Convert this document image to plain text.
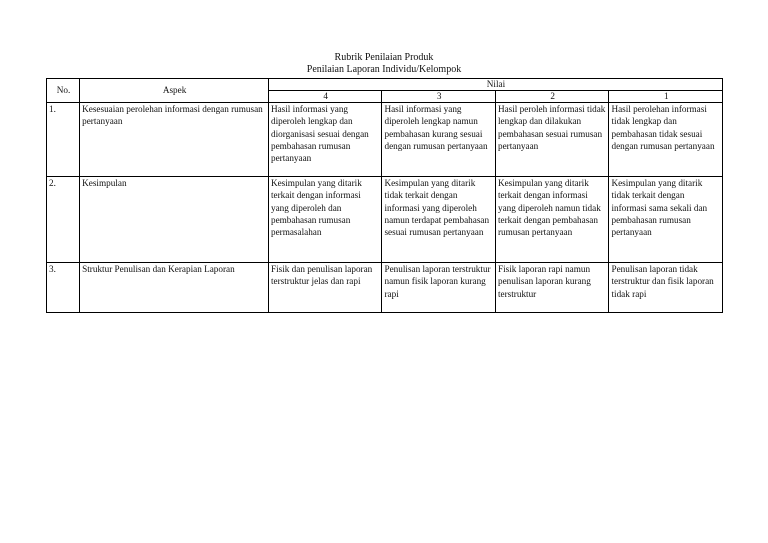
Rubrik Penilaian Produk
Penilaian Laporan Individu/Kelompok
No.	Aspek	Nilai			
		4	3	2	1
1.	Kesesuaian perolehan informasi dengan rumusan pertanyaan	Hasil informasi yang diperoleh lengkap dan diorganisasi sesuai dengan pembahasan rumusan pertanyaan	Hasil informasi yang diperoleh lengkap namun pembahasan kurang sesuai dengan rumusan pertanyaan	Hasil peroleh informasi tidak lengkap dan dilakukan pembahasan sesuai rumusan pertanyaan	Hasil perolehan informasi tidak lengkap dan pembahasan tidak sesuai dengan rumusan pertanyaan
2.	Kesimpulan	Kesimpulan yang ditarik terkait dengan informasi yang diperoleh dan pembahasan rumusan permasalahan	Kesimpulan yang ditarik tidak terkait dengan informasi yang diperoleh namun terdapat pembahasan sesuai rumusan pertanyaan	Kesimpulan yang ditarik terkait dengan informasi yang diperoleh namun tidak terkait dengan pembahasan rumusan pertanyaan	Kesimpulan yang ditarik tidak terkait dengan informasi sama sekali dan pembahasan rumusan pertanyaan
3.	Struktur Penulisan dan Kerapian Laporan	Fisik dan penulisan laporan terstruktur jelas dan rapi	Penulisan laporan terstruktur namun fisik laporan kurang rapi	Fisik laporan rapi namun penulisan laporan kurang terstruktur	Penulisan laporan tidak terstruktur dan fisik laporan tidak rapi
